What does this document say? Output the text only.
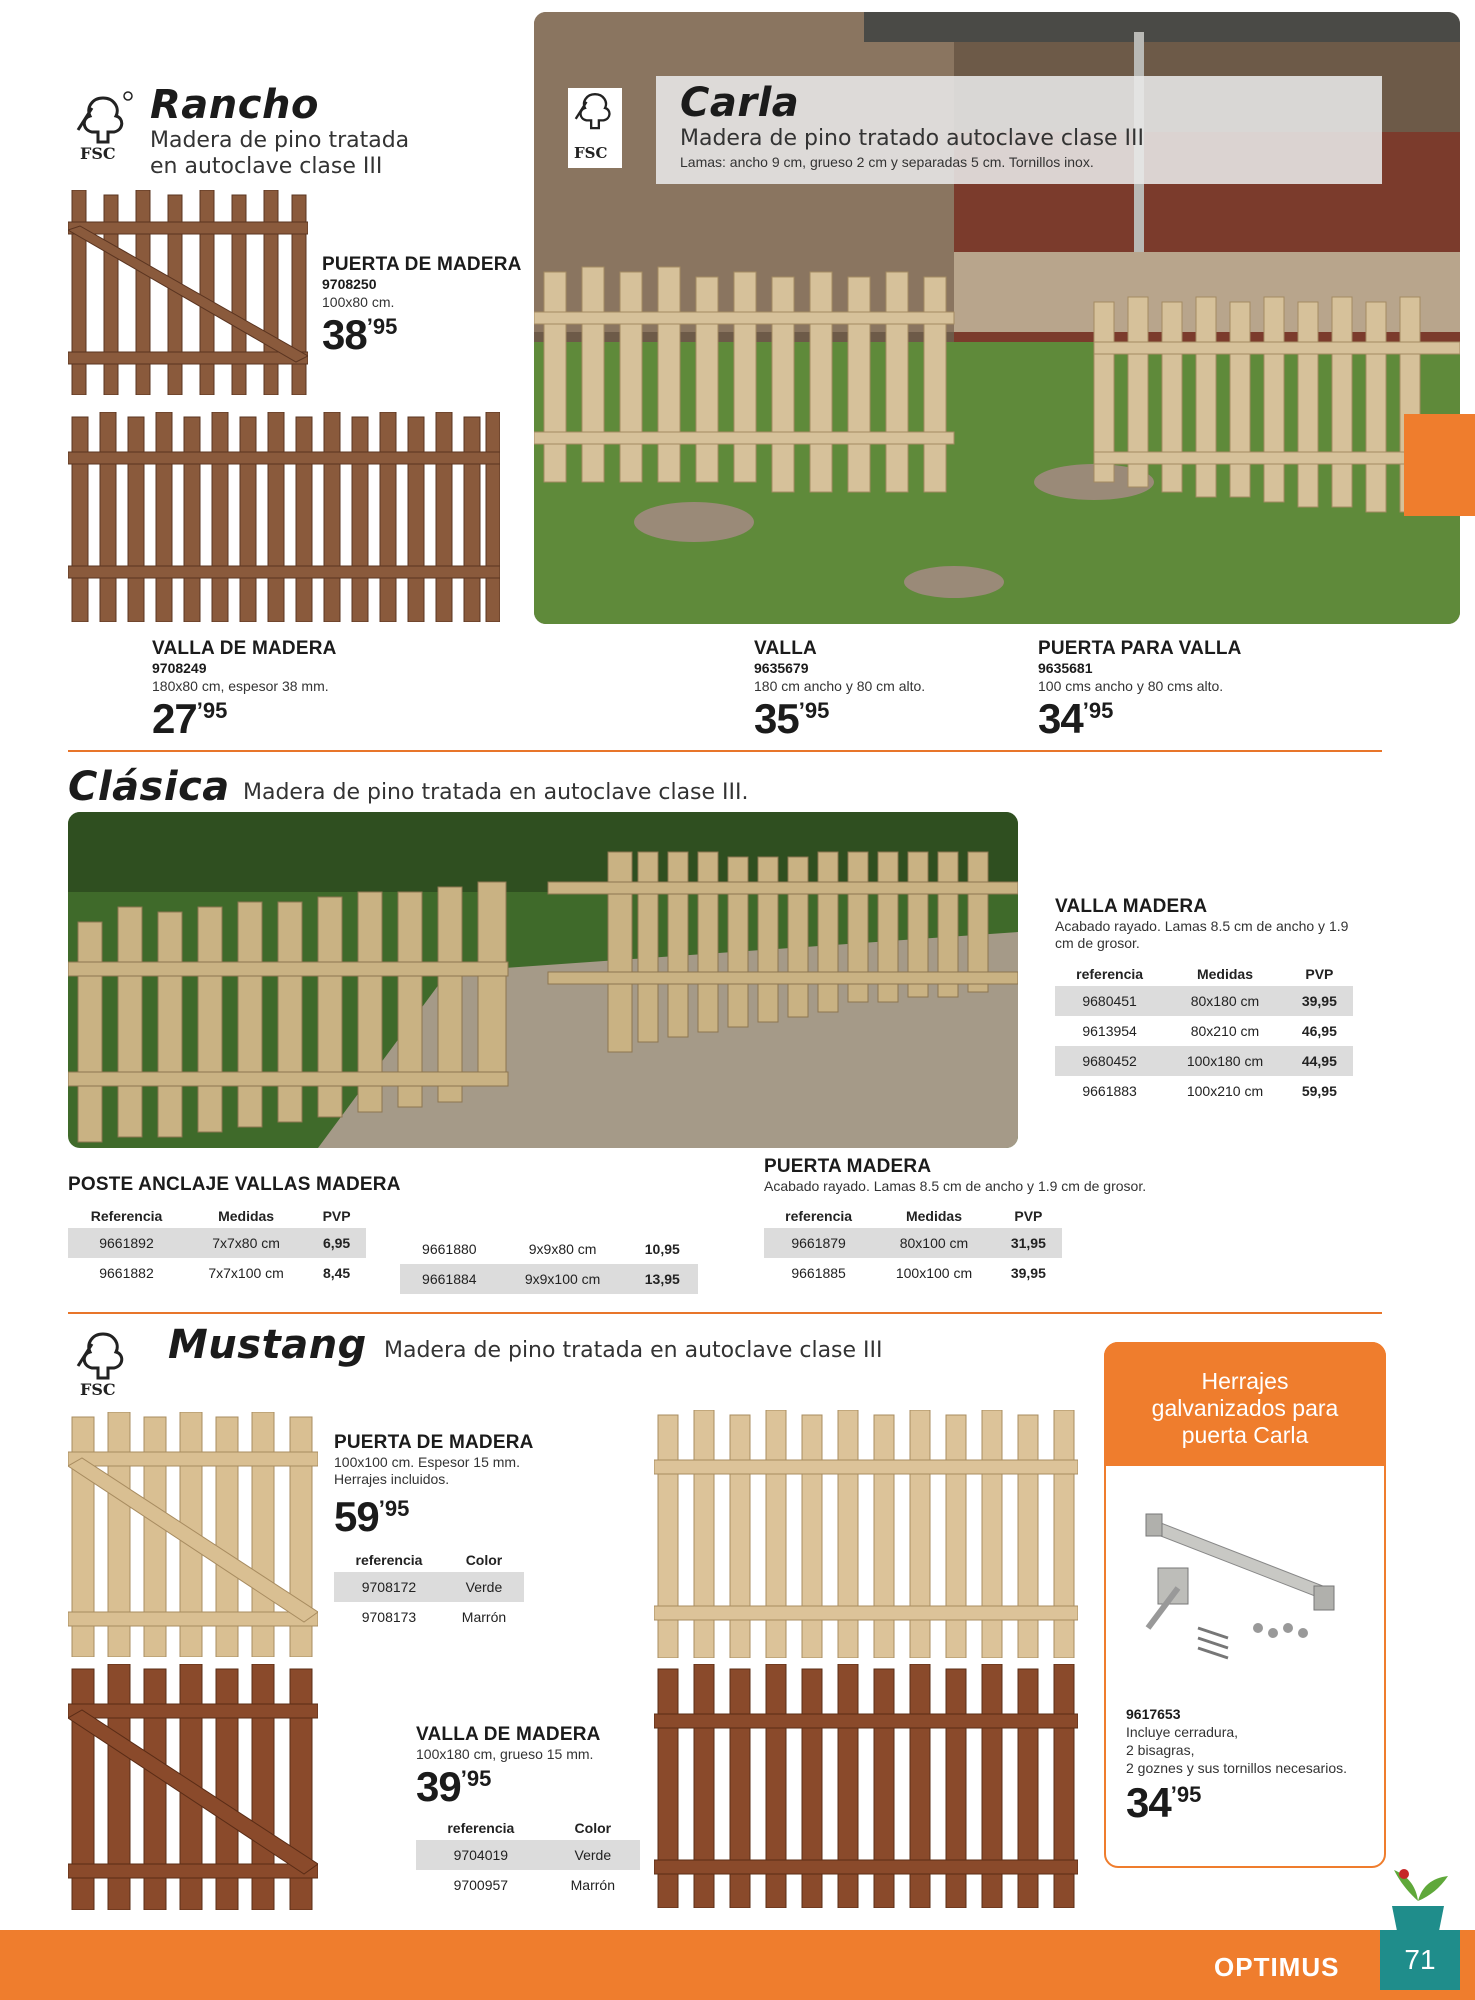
FSC
Rancho
Madera de pino tratada en autoclave clase III
PUERTA DE MADERA
9708250
100x80 cm.
$38^{’95}$
VALLA DE MADERA
9708249
180x80 cm, espesor 38 mm.
$27^{’95}$
FSC
Carla
Madera de pino tratado autoclave clase III
Lamas: ancho 9 cm, grueso 2 cm y separadas 5 cm. Tornillos inox.
VALLA
9635679
180 cm ancho y 80 cm alto.
$35^{’95}$
PUERTA PARA VALLA
9635681
100 cms ancho y 80 cms alto.
$34^{’95}$
Clásica Madera de pino tratada en autoclave clase III.
VALLA MADERA
Acabado rayado. Lamas 8.5 cm de ancho y 1.9 cm de grosor.
referencia	Medidas	PVP
9680451	80x180 cm	39,95
9613954	80x210 cm	46,95
9680452	100x180 cm	44,95
9661883	100x210 cm	59,95
POSTE ANCLAJE VALLAS MADERA
Referencia	Medidas	PVP
9661892	7x7x80 cm	6,95
9661882	7x7x100 cm	8,45
9661880	9x9x80 cm	10,95
9661884	9x9x100 cm	13,95
PUERTA MADERA
Acabado rayado. Lamas 8.5 cm de ancho y 1.9 cm de grosor.
referencia	Medidas	PVP
9661879	80x100 cm	31,95
9661885	100x100 cm	39,95
FSC
Mustang Madera de pino tratada en autoclave clase III
PUERTA DE MADERA
100x100 cm. Espesor 15 mm.
Herrajes incluidos.
$59^{’95}$
referencia	Color
9708172	Verde
9708173	Marrón
VALLA DE MADERA
100x180 cm, grueso 15 mm.
$39^{’95}$
referencia	Color
9704019	Verde
9700957	Marrón
Herrajes
galvanizados para
puerta Carla
9617653
Incluye cerradura,
2 bisagras,
2 goznes y sus tornillos necesarios.
$34^{’95}$
OPTIMUS	71
